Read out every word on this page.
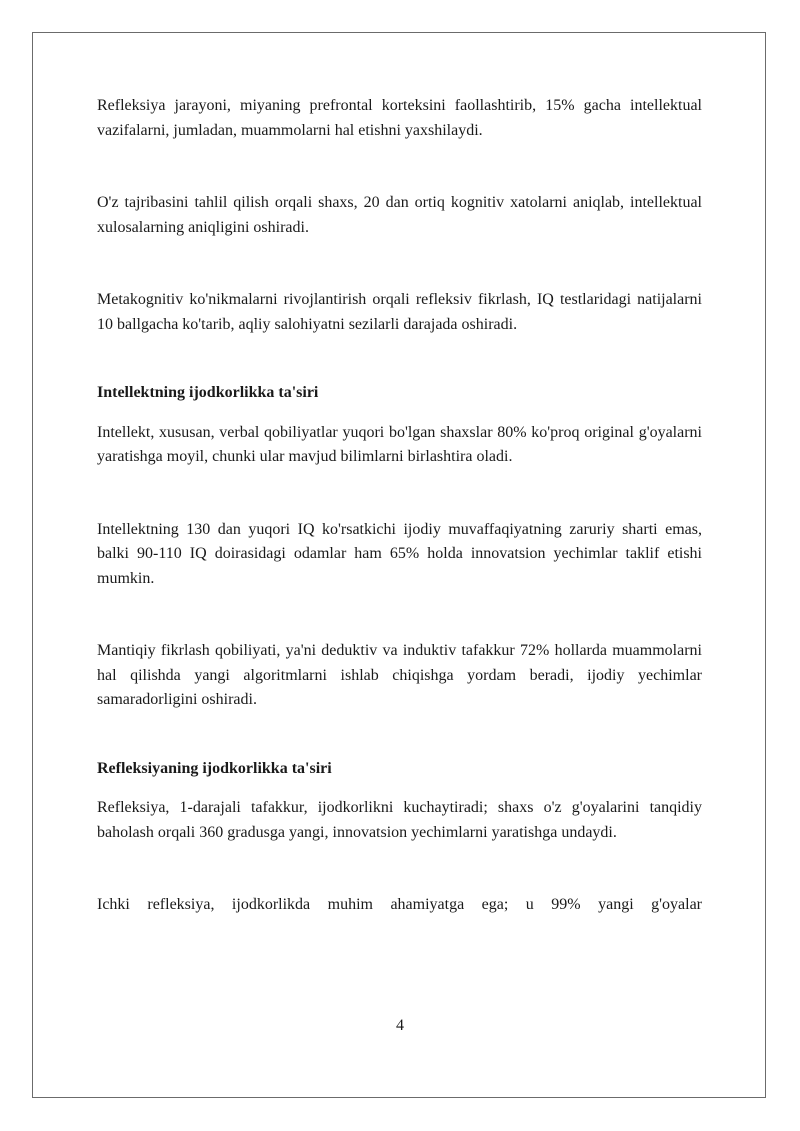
Refleksiya jarayoni, miyaning prefrontal korteksini faollashtirib, 15% gacha intellektual vazifalarni, jumladan, muammolarni hal etishni yaxshilaydi.

O'z tajribasini tahlil qilish orqali shaxs, 20 dan ortiq kognitiv xatolarni aniqlab, intellektual xulosalarning aniqligini oshiradi.

Metakognitiv ko'nikmalarni rivojlantirish orqali refleksiv fikrlash, IQ testlaridagi natijalarni 10 ballgacha ko'tarib, aqliy salohiyatni sezilarli darajada oshiradi.

Intellektning ijodkorlikka ta'siri

Intellekt, xususan, verbal qobiliyatlar yuqori bo'lgan shaxslar 80% ko'proq original g'oyalarni yaratishga moyil, chunki ular mavjud bilimlarni birlashtira oladi.

Intellektning 130 dan yuqori IQ ko'rsatkichi ijodiy muvaffaqiyatning zaruriy sharti emas, balki 90-110 IQ doirasidagi odamlar ham 65% holda innovatsion yechimlar taklif etishi mumkin.

Mantiqiy fikrlash qobiliyati, ya'ni deduktiv va induktiv tafakkur 72% hollarda muammolarni hal qilishda yangi algoritmlarni ishlab chiqishga yordam beradi, ijodiy yechimlar samaradorligini oshiradi.

Refleksiyaning ijodkorlikka ta'siri

Refleksiya, 1-darajali tafakkur, ijodkorlikni kuchaytiradi; shaxs o'z g'oyalarini tanqidiy baholash orqali 360 gradusga yangi, innovatsion yechimlarni yaratishga undaydi.

Ichki refleksiya, ijodkorlikda muhim ahamiyatga ega; u 99% yangi g'oyalar

4
